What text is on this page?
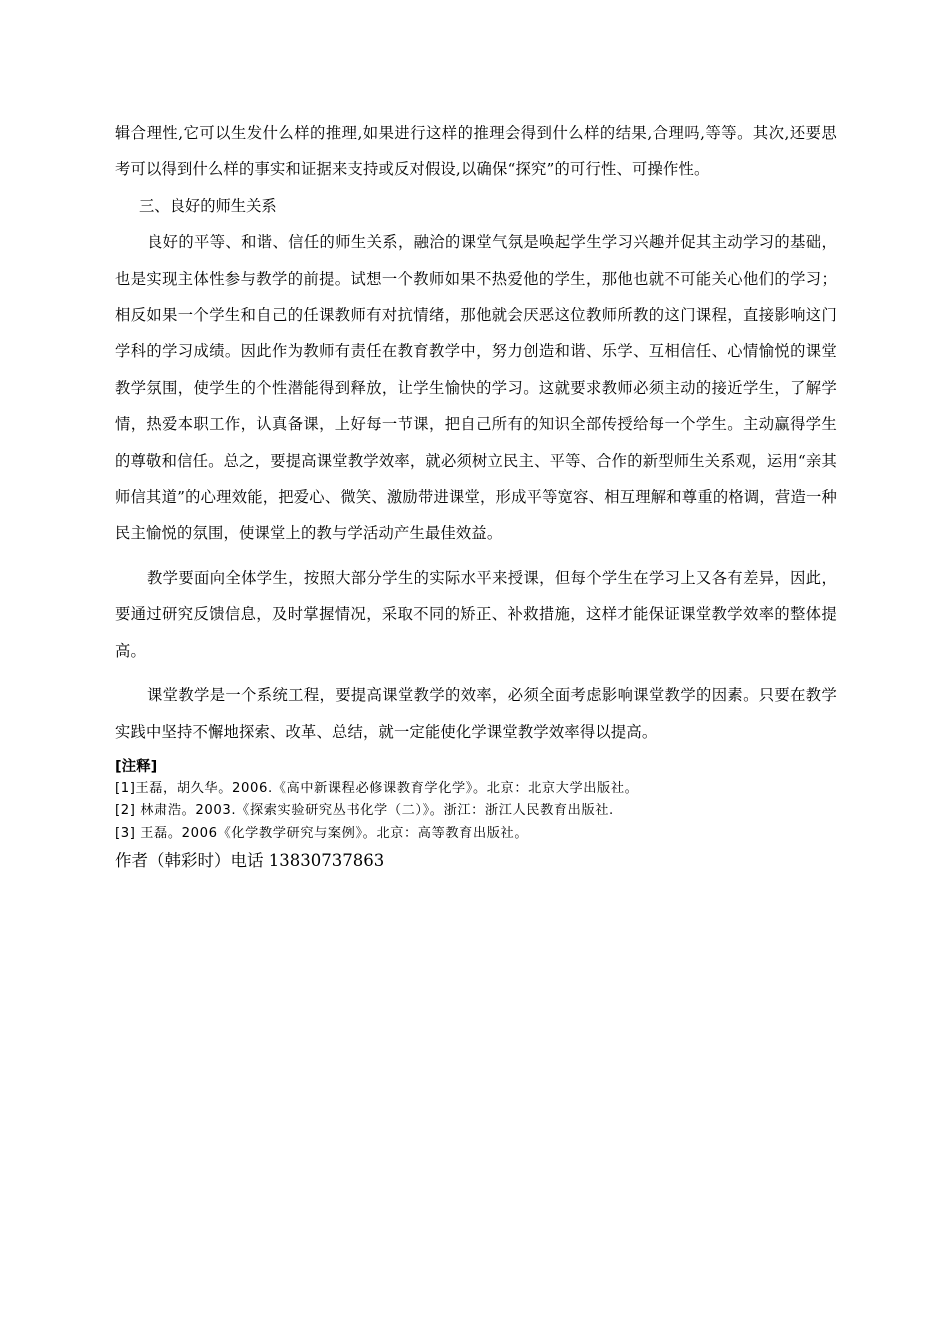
辑合理性,它可以生发什么样的推理,如果进行这样的推理会得到什么样的结果,合理吗,等等。其次,还要思考可以得到什么样的事实和证据来支持或反对假设,以确保“探究”的可行性、可操作性。

三、良好的师生关系

良好的平等、和谐、信任的师生关系，融洽的课堂气氛是唤起学生学习兴趣并促其主动学习的基础，也是实现主体性参与教学的前提。试想一个教师如果不热爱他的学生，那他也就不可能关心他们的学习；相反如果一个学生和自己的任课教师有对抗情绪，那他就会厌恶这位教师所教的这门课程，直接影响这门学科的学习成绩。因此作为教师有责任在教育教学中，努力创造和谐、乐学、互相信任、心情愉悦的课堂教学氛围，使学生的个性潜能得到释放，让学生愉快的学习。这就要求教师必须主动的接近学生，了解学情，热爱本职工作，认真备课，上好每一节课，把自己所有的知识全部传授给每一个学生。主动赢得学生的尊敬和信任。总之，要提高课堂教学效率，就必须树立民主、平等、合作的新型师生关系观，运用“亲其师信其道”的心理效能，把爱心、微笑、激励带进课堂，形成平等宽容、相互理解和尊重的格调，营造一种民主愉悦的氛围，使课堂上的教与学活动产生最佳效益。

教学要面向全体学生，按照大部分学生的实际水平来授课，但每个学生在学习上又各有差异，因此，要通过研究反馈信息，及时掌握情况，采取不同的矫正、补救措施，这样才能保证课堂教学效率的整体提高。

课堂教学是一个系统工程，要提高课堂教学的效率，必须全面考虑影响课堂教学的因素。只要在教学实践中坚持不懈地探索、改革、总结，就一定能使化学课堂教学效率得以提高。

[注释]

[1]王磊，胡久华。2006.《高中新课程必修课教育学化学》。北京：北京大学出版社。

[2] 林肃浩。2003.《探索实验研究丛书化学（二）》。浙江：浙江人民教育出版社.

[3] 王磊。2006《化学教学研究与案例》。北京：高等教育出版社。

作者（韩彩时）电话 13830737863
